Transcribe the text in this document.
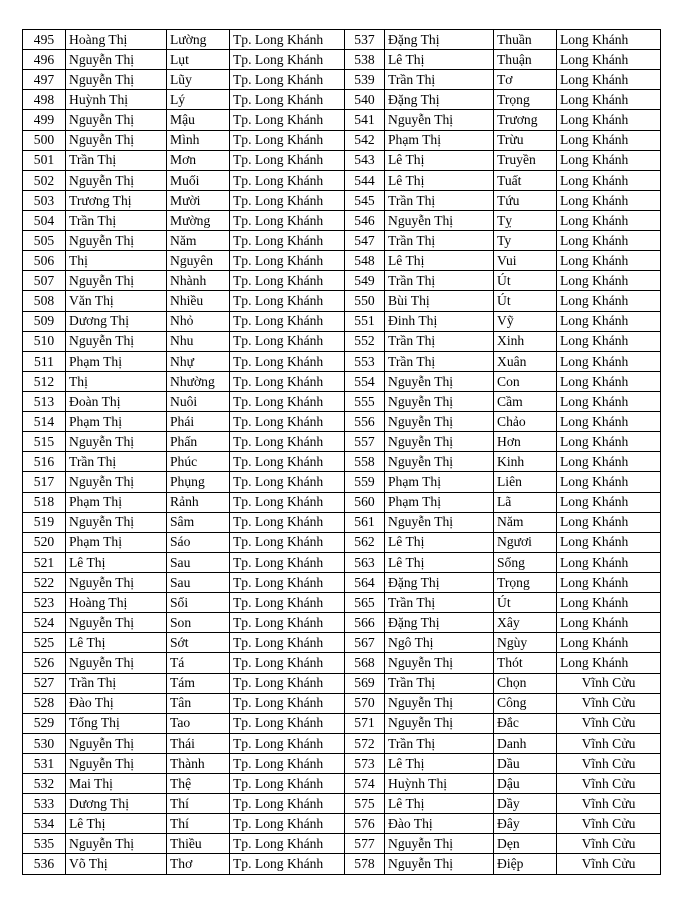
495	Hoàng Thị	Lường	Tp. Long Khánh	537	Đặng Thị	Thuần	Long Khánh
496	Nguyễn Thị	Lụt	Tp. Long Khánh	538	Lê Thị	Thuận	Long Khánh
497	Nguyễn Thị	Lũy	Tp. Long Khánh	539	Trần Thị	Tơ	Long Khánh
498	Huỳnh Thị	Lý	Tp. Long Khánh	540	Đặng Thị	Trọng	Long Khánh
499	Nguyễn Thị	Mậu	Tp. Long Khánh	541	Nguyễn Thị	Trương	Long Khánh
500	Nguyễn Thị	Mình	Tp. Long Khánh	542	Phạm Thị	Trừu	Long Khánh
501	Trần Thị	Mơn	Tp. Long Khánh	543	Lê Thị	Truyền	Long Khánh
502	Nguyễn Thị	Muối	Tp. Long Khánh	544	Lê Thị	Tuất	Long Khánh
503	Trương Thị	Mười	Tp. Long Khánh	545	Trần Thị	Tứu	Long Khánh
504	Trần Thị	Mường	Tp. Long Khánh	546	Nguyễn Thị	Tỵ	Long Khánh
505	Nguyễn Thị	Năm	Tp. Long Khánh	547	Trần Thị	Ty	Long Khánh
506	Thị	Nguyên	Tp. Long Khánh	548	Lê Thị	Vui	Long Khánh
507	Nguyễn Thị	Nhành	Tp. Long Khánh	549	Trần Thị	Út	Long Khánh
508	Văn Thị	Nhiều	Tp. Long Khánh	550	Bùi Thị	Út	Long Khánh
509	Dương Thị	Nhỏ	Tp. Long Khánh	551	Đinh Thị	Vỹ	Long Khánh
510	Nguyễn Thị	Nhu	Tp. Long Khánh	552	Trần Thị	Xinh	Long Khánh
511	Phạm Thị	Nhự	Tp. Long Khánh	553	Trần Thị	Xuân	Long Khánh
512	Thị	Nhường	Tp. Long Khánh	554	Nguyễn Thị	Con	Long Khánh
513	Đoàn Thị	Nuôi	Tp. Long Khánh	555	Nguyễn Thị	Cầm	Long Khánh
514	Phạm Thị	Phái	Tp. Long Khánh	556	Nguyễn Thị	Chảo	Long Khánh
515	Nguyễn Thị	Phấn	Tp. Long Khánh	557	Nguyễn Thị	Hơn	Long Khánh
516	Trần Thị	Phúc	Tp. Long Khánh	558	Nguyễn Thị	Kinh	Long Khánh
517	Nguyễn Thị	Phụng	Tp. Long Khánh	559	Phạm Thị	Liên	Long Khánh
518	Phạm Thị	Rảnh	Tp. Long Khánh	560	Phạm Thị	Lã	Long Khánh
519	Nguyễn Thị	Sâm	Tp. Long Khánh	561	Nguyễn Thị	Năm	Long Khánh
520	Phạm Thị	Sáo	Tp. Long Khánh	562	Lê Thị	Ngươi	Long Khánh
521	Lê Thị	Sau	Tp. Long Khánh	563	Lê Thị	Sống	Long Khánh
522	Nguyễn Thị	Sau	Tp. Long Khánh	564	Đặng Thị	Trọng	Long Khánh
523	Hoàng Thị	Sối	Tp. Long Khánh	565	Trần Thị	Út	Long Khánh
524	Nguyễn Thị	Son	Tp. Long Khánh	566	Đặng Thị	Xây	Long Khánh
525	Lê Thị	Sớt	Tp. Long Khánh	567	Ngô Thị	Ngùy	Long Khánh
526	Nguyễn Thị	Tá	Tp. Long Khánh	568	Nguyễn Thị	Thót	Long Khánh
527	Trần Thị	Tám	Tp. Long Khánh	569	Trần Thị	Chọn	Vĩnh Cửu
528	Đào Thị	Tân	Tp. Long Khánh	570	Nguyễn Thị	Công	Vĩnh Cửu
529	Tống Thị	Tao	Tp. Long Khánh	571	Nguyễn Thị	Đắc	Vĩnh Cửu
530	Nguyễn Thị	Thái	Tp. Long Khánh	572	Trần Thị	Danh	Vĩnh Cửu
531	Nguyễn Thị	Thành	Tp. Long Khánh	573	Lê Thị	Dầu	Vĩnh Cửu
532	Mai Thị	Thệ	Tp. Long Khánh	574	Huỳnh Thị	Dậu	Vĩnh Cửu
533	Dương Thị	Thí	Tp. Long Khánh	575	Lê Thị	Dầy	Vĩnh Cửu
534	Lê Thị	Thí	Tp. Long Khánh	576	Đào Thị	Đây	Vĩnh Cửu
535	Nguyễn Thị	Thiều	Tp. Long Khánh	577	Nguyễn Thị	Dẹn	Vĩnh Cửu
536	Võ Thị	Thơ	Tp. Long Khánh	578	Nguyễn Thị	Điệp	Vĩnh Cửu
